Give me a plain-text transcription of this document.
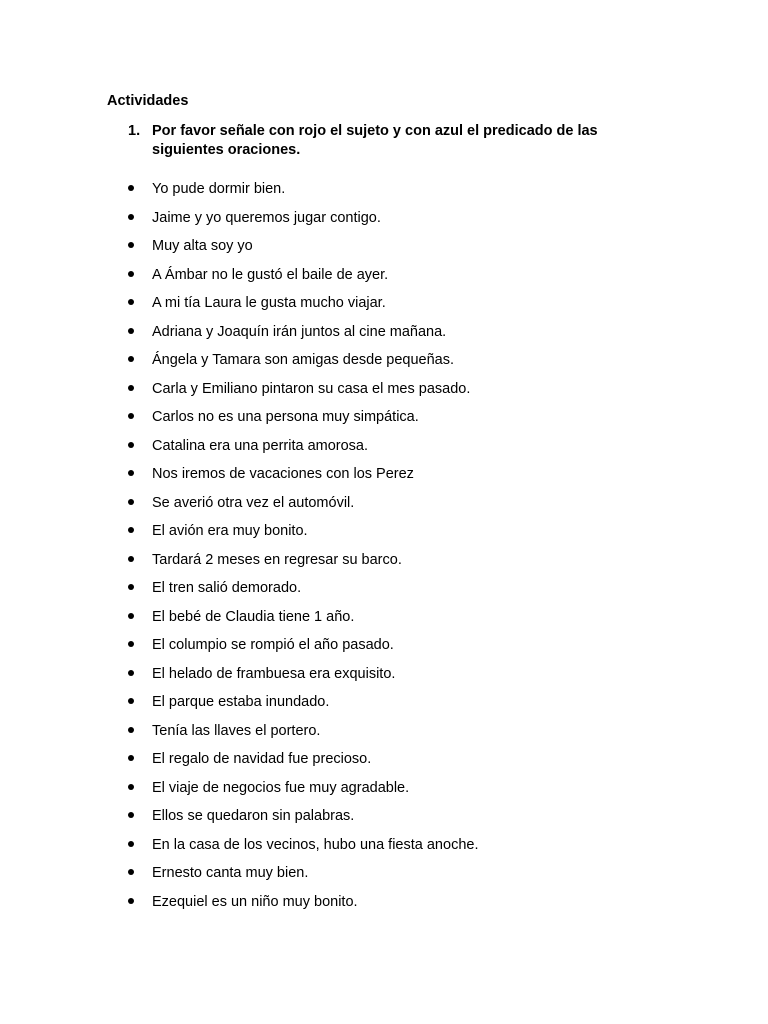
Actividades
1. Por favor señale con rojo el sujeto y con azul el predicado de las siguientes oraciones.
Yo pude dormir bien.
Jaime y yo queremos jugar contigo.
Muy alta soy yo
A Ámbar no le gustó el baile de ayer.
A mi tía Laura le gusta mucho viajar.
Adriana y Joaquín irán juntos al cine mañana.
Ángela y Tamara son amigas desde pequeñas.
Carla y Emiliano pintaron su casa el mes pasado.
Carlos no es una persona muy simpática.
Catalina era una perrita amorosa.
Nos iremos de vacaciones con los Perez
Se averió otra vez el automóvil.
El avión era muy bonito.
Tardará 2 meses en regresar su barco.
El tren salió demorado.
El bebé de Claudia tiene 1 año.
El columpio se rompió el año pasado.
El helado de frambuesa era exquisito.
El parque estaba inundado.
Tenía las llaves el portero.
El regalo de navidad fue precioso.
El viaje de negocios fue muy agradable.
Ellos se quedaron sin palabras.
En la casa de los vecinos, hubo una fiesta anoche.
Ernesto canta muy bien.
Ezequiel es un niño muy bonito.
